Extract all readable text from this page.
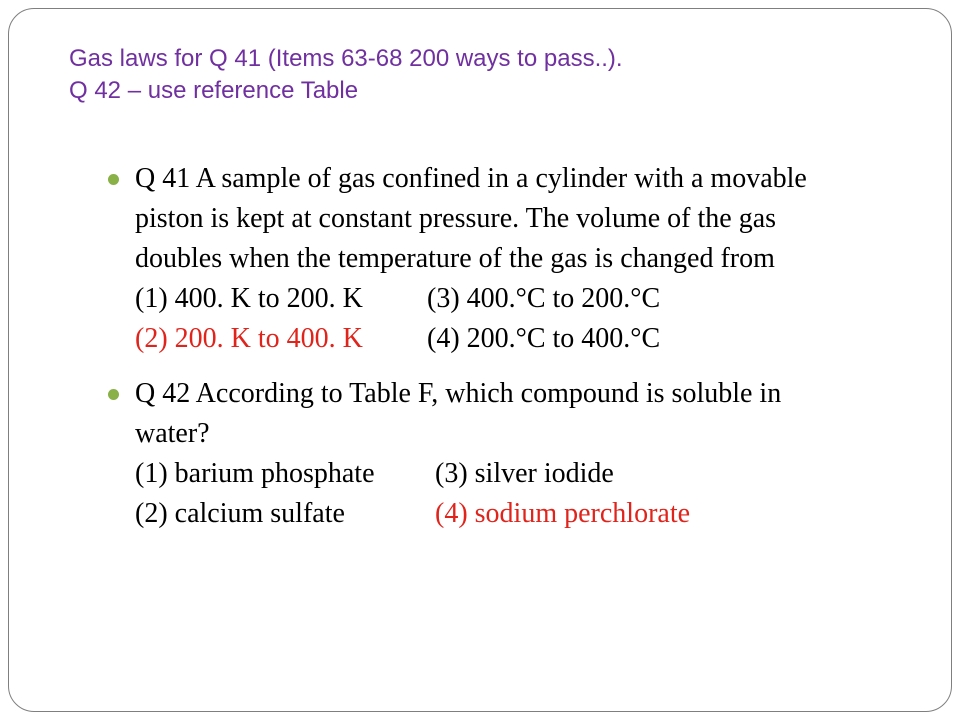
Gas laws for Q 41 (Items 63-68 200 ways to pass..).
Q 42 – use reference Table
Q 41 A sample of gas confined in a cylinder with a movable
piston is kept at constant pressure. The volume of the gas
doubles when the temperature of the gas is changed from
(1) 400. K to 200. K (3) 400.°C to 200.°C
(2) 200. K to 400. K (4) 200.°C to 400.°C
Q 42 According to Table F, which compound is soluble in
water?
(1) barium phosphate (3) silver iodide
(2) calcium sulfate	(4) sodium perchlorate
